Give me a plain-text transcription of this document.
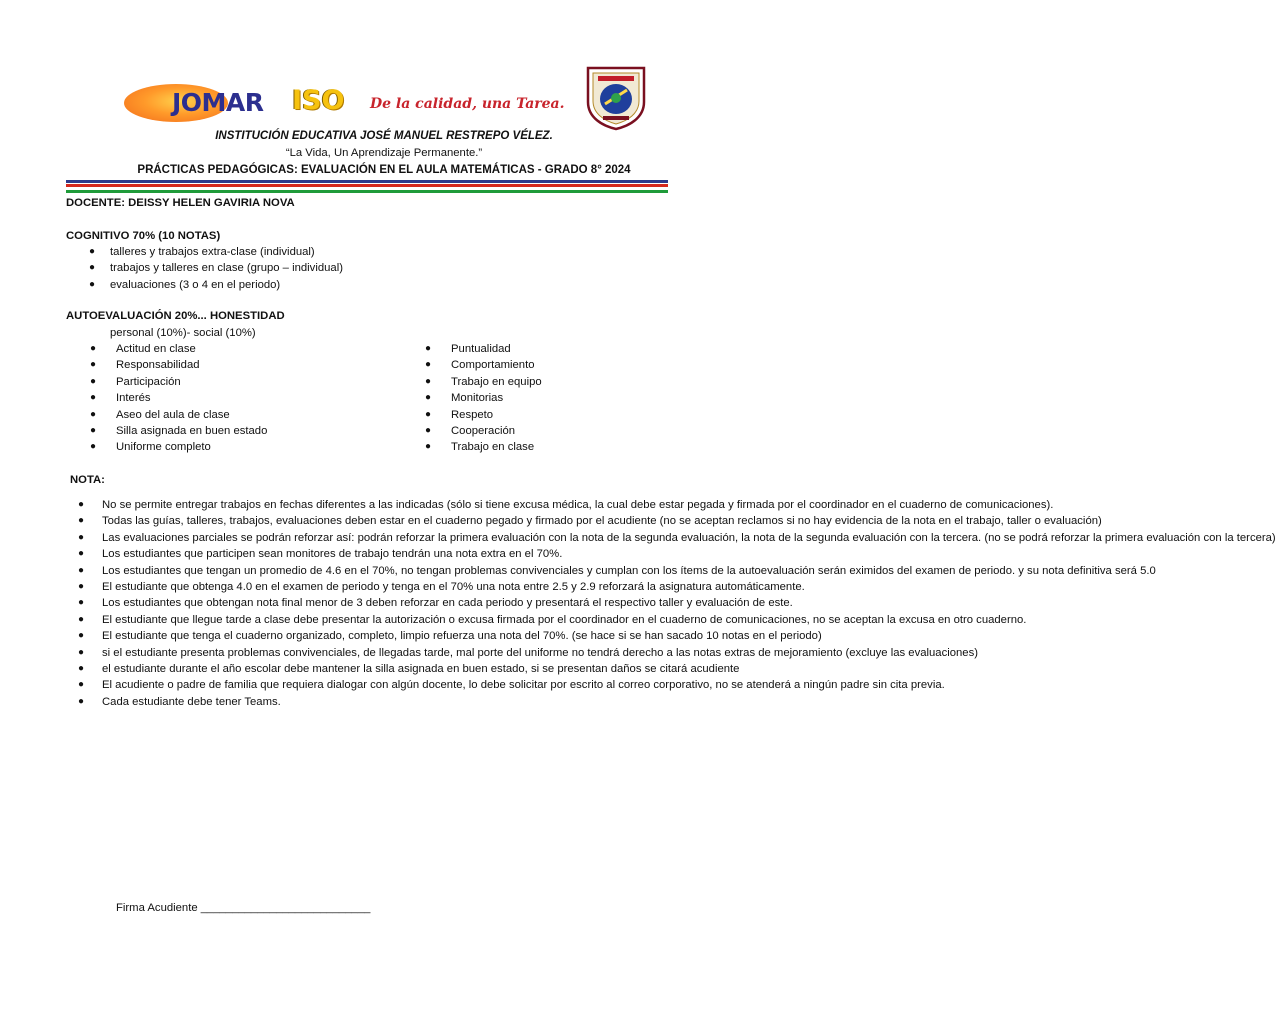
JOMAR ISO De la calidad, una Tarea.
INSTITUCIÓN EDUCATIVA JOSÉ MANUEL RESTREPO VÉLEZ.
“La Vida, Un Aprendizaje Permanente.”
PRÁCTICAS PEDAGÓGICAS: EVALUACIÓN EN EL AULA MATEMÁTICAS - GRADO 8° 2024
DOCENTE: DEISSY HELEN GAVIRIA NOVA
COGNITIVO 70% (10 NOTAS)
● talleres y trabajos extra-clase (individual)
● trabajos y talleres en clase (grupo – individual)
● evaluaciones (3 o 4 en el periodo)
AUTOEVALUACIÓN 20%... HONESTIDAD
personal (10%)- social (10%)
● Actitud en clase
● Responsabilidad
● Participación
● Interés
● Aseo del aula de clase
● Silla asignada en buen estado
● Uniforme completo
● Puntualidad
● Comportamiento
● Trabajo en equipo
● Monitorias
● Respeto
● Cooperación
● Trabajo en clase
NOTA:
● No se permite entregar trabajos en fechas diferentes a las indicadas (sólo si tiene excusa médica, la cual debe estar pegada y firmada por el coordinador en el cuaderno de comunicaciones).
● Todas las guías, talleres, trabajos, evaluaciones deben estar en el cuaderno pegado y firmado por el acudiente (no se aceptan reclamos si no hay evidencia de la nota en el trabajo, taller o evaluación)
● Las evaluaciones parciales se podrán reforzar así: podrán reforzar la primera evaluación con la nota de la segunda evaluación, la nota de la segunda evaluación con la tercera. (no se podrá reforzar la primera evaluación con la tercera)
● Los estudiantes que participen sean monitores de trabajo tendrán una nota extra en el 70%.
● Los estudiantes que tengan un promedio de 4.6 en el 70%, no tengan problemas convivenciales y cumplan con los ítems de la autoevaluación serán eximidos del examen de periodo. y su nota definitiva será 5.0
● El estudiante que obtenga 4.0 en el examen de periodo y tenga en el 70% una nota entre 2.5 y 2.9 reforzará la asignatura automáticamente.
● Los estudiantes que obtengan nota final menor de 3 deben reforzar en cada periodo y presentará el respectivo taller y evaluación de este.
● El estudiante que llegue tarde a clase debe presentar la autorización o excusa firmada por el coordinador en el cuaderno de comunicaciones, no se aceptan la excusa en otro cuaderno.
● El estudiante que tenga el cuaderno organizado, completo, limpio refuerza una nota del 70%. (se hace si se han sacado 10 notas en el periodo)
● si el estudiante presenta problemas convivenciales, de llegadas tarde, mal porte del uniforme no tendrá derecho a las notas extras de mejoramiento (excluye las evaluaciones)
● el estudiante durante el año escolar debe mantener la silla asignada en buen estado, si se presentan daños se citará acudiente
● El acudiente o padre de familia que requiera dialogar con algún docente, lo debe solicitar por escrito al correo corporativo, no se atenderá a ningún padre sin cita previa.
● Cada estudiante debe tener Teams.
Firma Acudiente ___________________________
